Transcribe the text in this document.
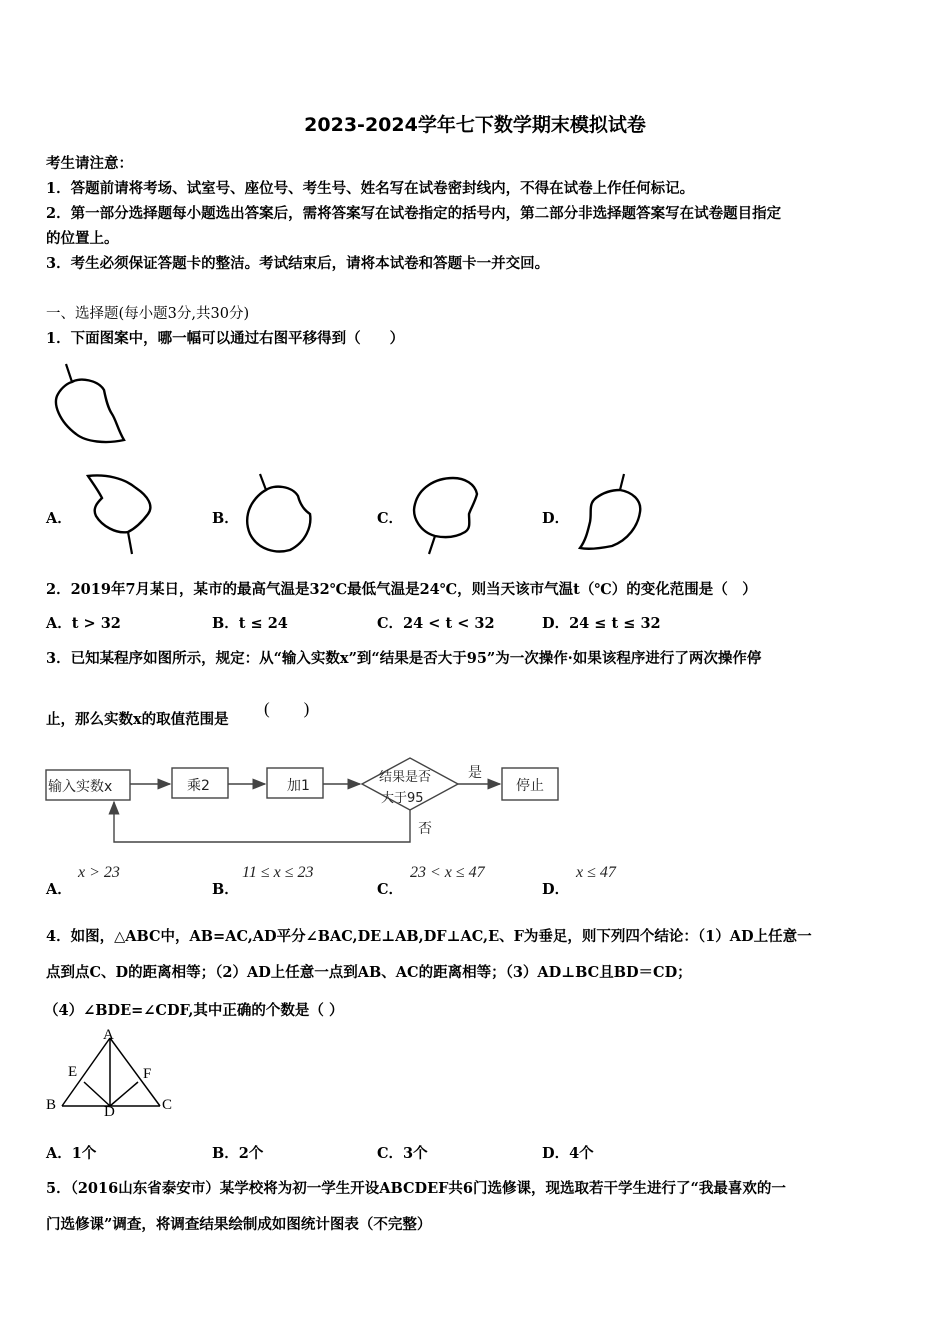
2023-2024学年七下数学期末模拟试卷
考生请注意：
1．答题前请将考场、试室号、座位号、考生号、姓名写在试卷密封线内，不得在试卷上作任何标记。
2．第一部分选择题每小题选出答案后，需将答案写在试卷指定的括号内，第二部分非选择题答案写在试卷题目指定
的位置上。
3．考生必须保证答题卡的整洁。考试结束后，请将本试卷和答题卡一并交回。
一、选择题(每小题3分,共30分)
1．下面图案中，哪一幅可以通过右图平移得到（　　）
A．	B．	C．	D．
2．2019年7月某日，某市的最高气温是32℃最低气温是24℃，则当天该市气温t（℃）的变化范围是（　）
A．t > 32	B．t ≤ 24	C．24 < t < 32	D．24 ≤ t ≤ 32
3．已知某程序如图所示，规定：从“输入实数x”到“结果是否大于95”为一次操作·如果该程序进行了两次操作停
止，那么实数x的取值范围是
(　　)
输入实数x	乘2	加1
结果是否
大于95
是
否
停止
A．
x > 23
B．
11 ≤ x ≤ 23
C．
23 < x ≤ 47
D．
x ≤ 47
4．如图，△ABC中，AB=AC,AD平分∠BAC,DE⊥AB,DF⊥AC,E、F为垂足，则下列四个结论：（1）AD上任意一
点到点C、D的距离相等；（2）AD上任意一点到AB、AC的距离相等；（3）AD⊥BC且BD＝CD；
（4）∠BDE=∠CDF,其中正确的个数是（ ）
A
B	C
D
E	F
A．1个	B．2个	C．3个	D．4个
5．（2016山东省泰安市）某学校将为初一学生开设ABCDEF共6门选修课，现选取若干学生进行了“我最喜欢的一
门选修课”调查，将调查结果绘制成如图统计图表（不完整）
